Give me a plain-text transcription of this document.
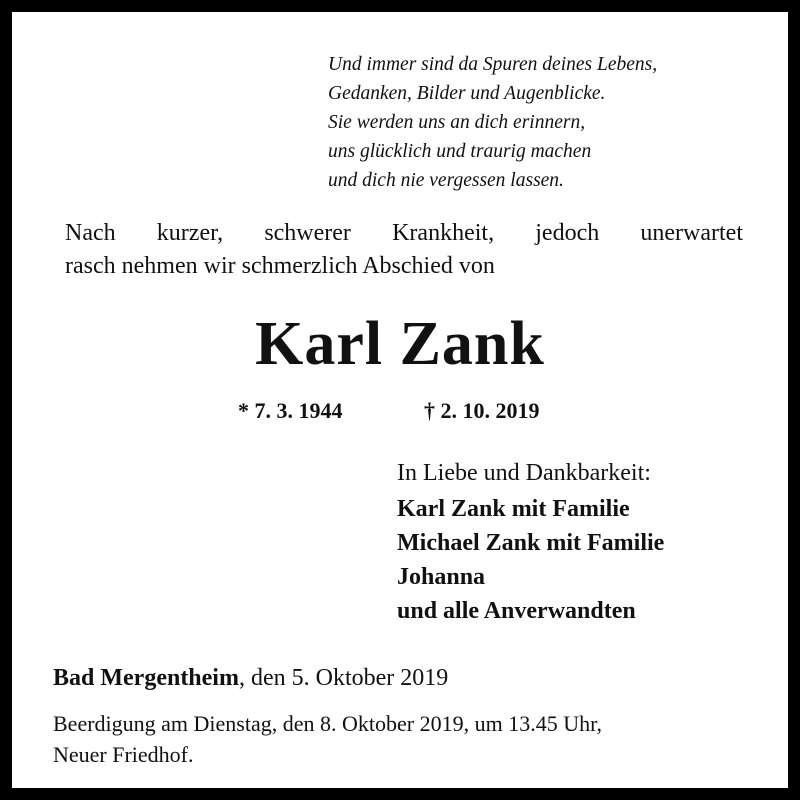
Und immer sind da Spuren deines Lebens,
Gedanken, Bilder und Augenblicke.
Sie werden uns an dich erinnern,
uns glücklich und traurig machen
und dich nie vergessen lassen.
Nach kurzer, schwerer Krankheit, jedoch unerwartet
rasch nehmen wir schmerzlich Abschied von
Karl Zank
* 7. 3. 1944	† 2. 10. 2019
In Liebe und Dankbarkeit:
Karl Zank mit Familie
Michael Zank mit Familie
Johanna
und alle Anverwandten
Bad Mergentheim, den 5. Oktober 2019
Beerdigung am Dienstag, den 8. Oktober 2019, um 13.45 Uhr,
Neuer Friedhof.
